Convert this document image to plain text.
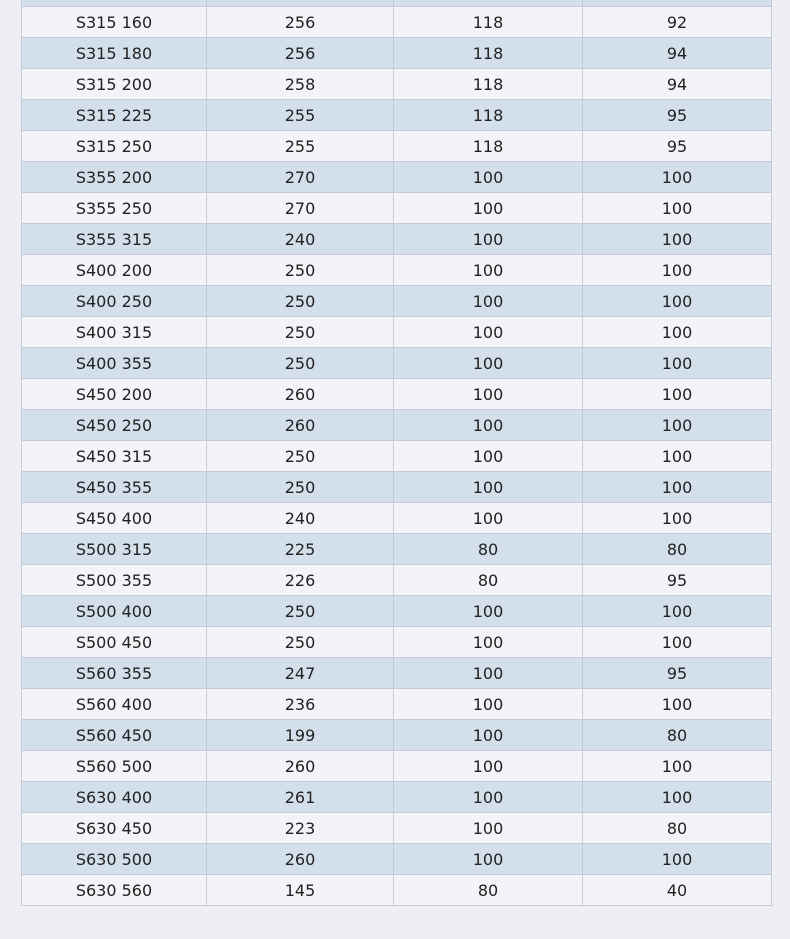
S315 160	256	118	92
S315 180	256	118	94
S315 200	258	118	94
S315 225	255	118	95
S315 250	255	118	95
S355 200	270	100	100
S355 250	270	100	100
S355 315	240	100	100
S400 200	250	100	100
S400 250	250	100	100
S400 315	250	100	100
S400 355	250	100	100
S450 200	260	100	100
S450 250	260	100	100
S450 315	250	100	100
S450 355	250	100	100
S450 400	240	100	100
S500 315	225	80	80
S500 355	226	80	95
S500 400	250	100	100
S500 450	250	100	100
S560 355	247	100	95
S560 400	236	100	100
S560 450	199	100	80
S560 500	260	100	100
S630 400	261	100	100
S630 450	223	100	80
S630 500	260	100	100
S630 560	145	80	40
